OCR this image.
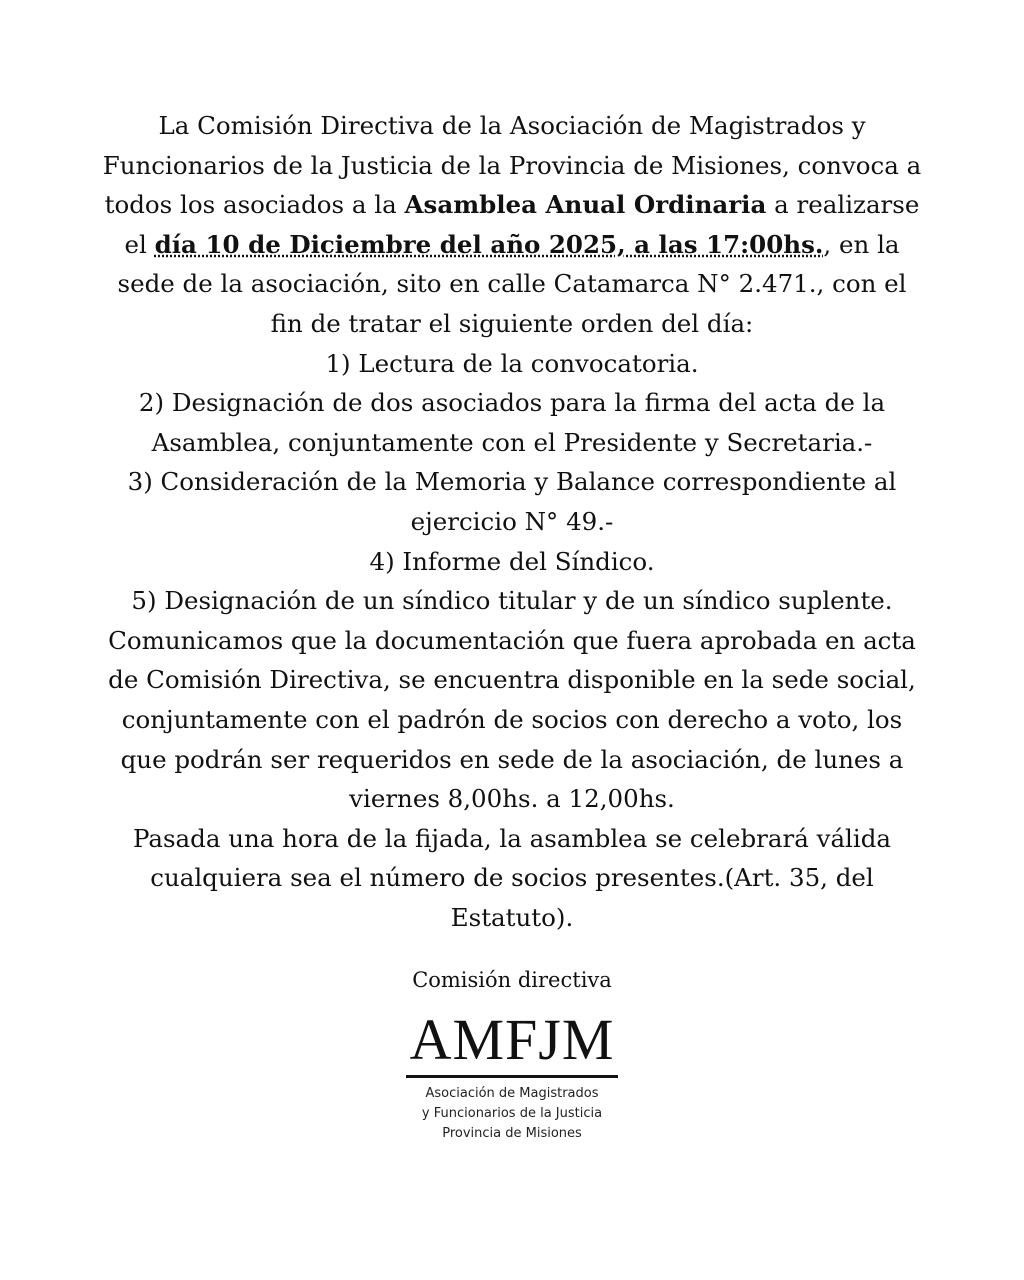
La Comisión Directiva de la Asociación de Magistrados y Funcionarios de la Justicia de la Provincia de Misiones, convoca a todos los asociados a la Asamblea Anual Ordinaria a realizarse el día 10 de Diciembre del año 2025, a las 17:00hs., en la sede de la asociación, sito en calle Catamarca N° 2.471., con el fin de tratar el siguiente orden del día:

1) Lectura de la convocatoria.

2) Designación de dos asociados para la firma del acta de la Asamblea, conjuntamente con el Presidente y Secretaria.-

3) Consideración de la Memoria y Balance correspondiente al ejercicio N° 49.-

4) Informe del Síndico.

5) Designación de un síndico titular y de un síndico suplente.

Comunicamos que la documentación que fuera aprobada en acta de Comisión Directiva, se encuentra disponible en la sede social, conjuntamente con el padrón de socios con derecho a voto, los que podrán ser requeridos en sede de la asociación, de lunes a viernes 8,00hs. a 12,00hs.

Pasada una hora de la fijada, la asamblea se celebrará válida cualquiera sea el número de socios presentes.(Art. 35, del Estatuto).

Comisión directiva
AMFJM
Asociación de Magistrados
y Funcionarios de la Justicia
Provincia de Misiones
